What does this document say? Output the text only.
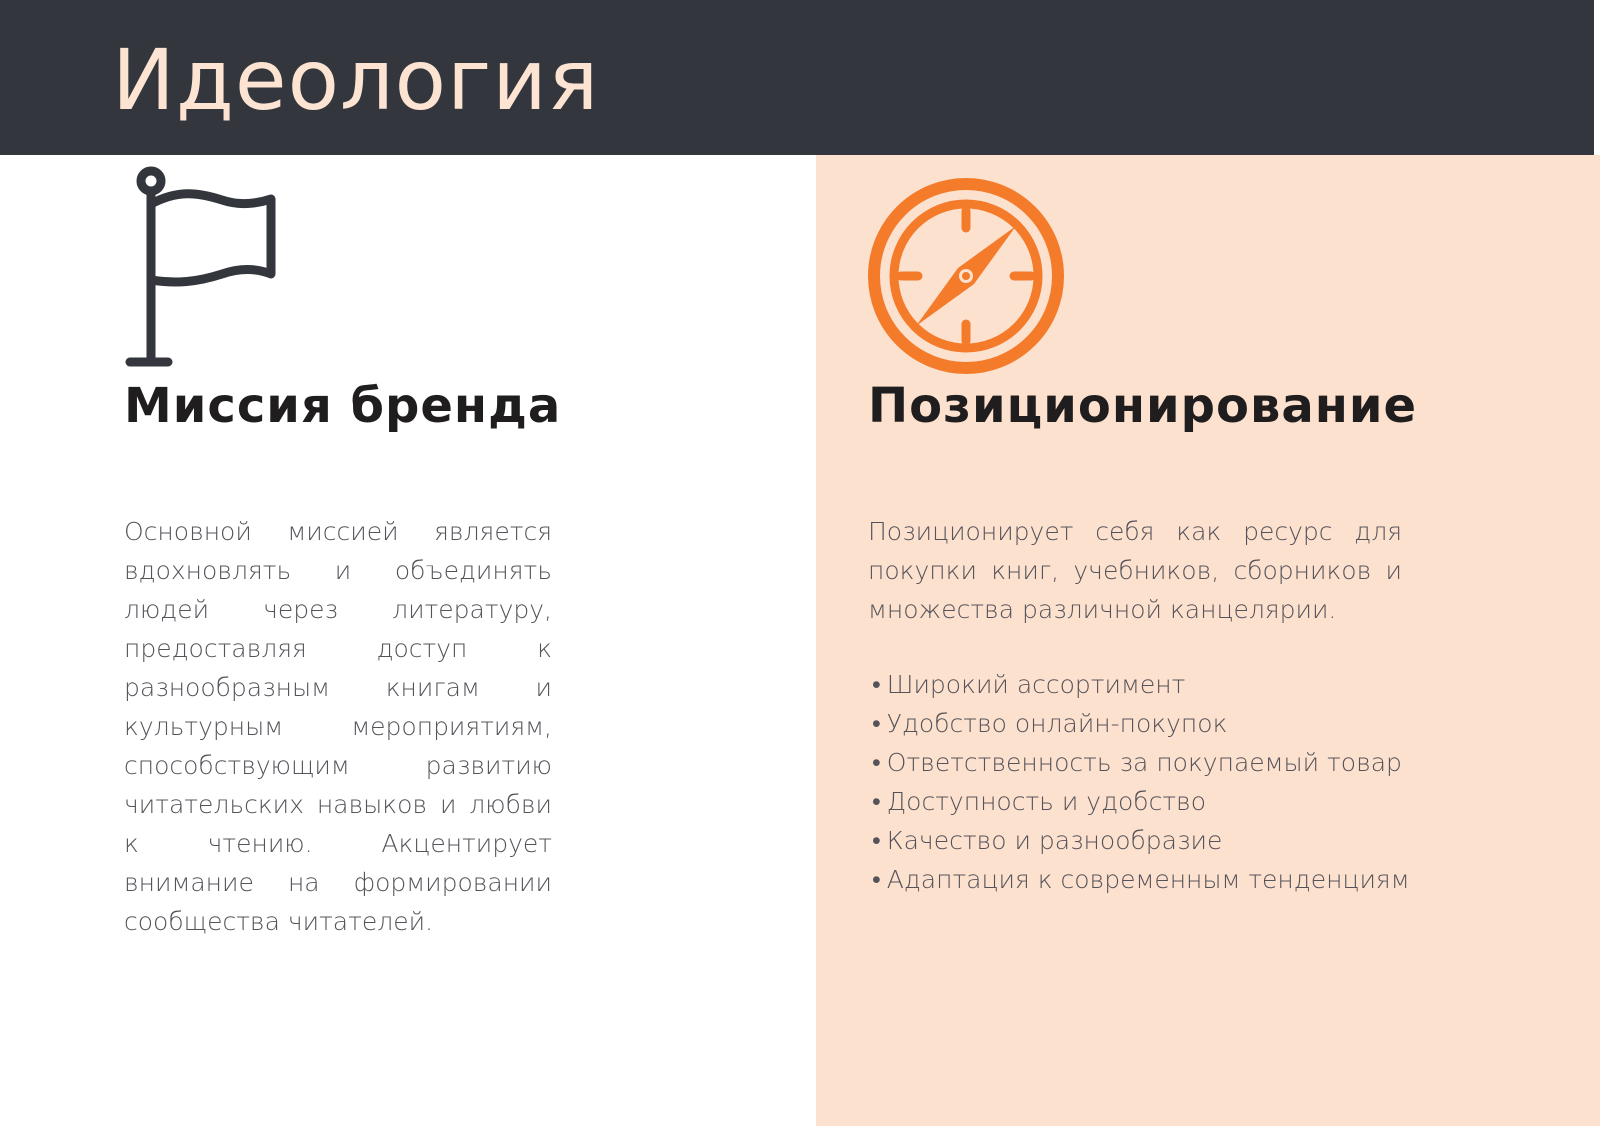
Идеология
Миссия бренда

Основной миссией является вдохновлять и объединять людей через литературу, предоставляя доступ к разнообразным книгам и культурным мероприятиям, способствующим развитию читательских навыков и любви к чтению. Акцентирует внимание на формировании сообщества читателей.

Позиционирование

Позиционирует себя как ресурс для покупки книг, учебников, сборников и множества различной канцелярии.

• Широкий ассортимент
• Удобство онлайн-покупок
• Ответственность за покупаемый товар
• Доступность и удобство
• Качество и разнообразие
• Адаптация к современным тенденциям
